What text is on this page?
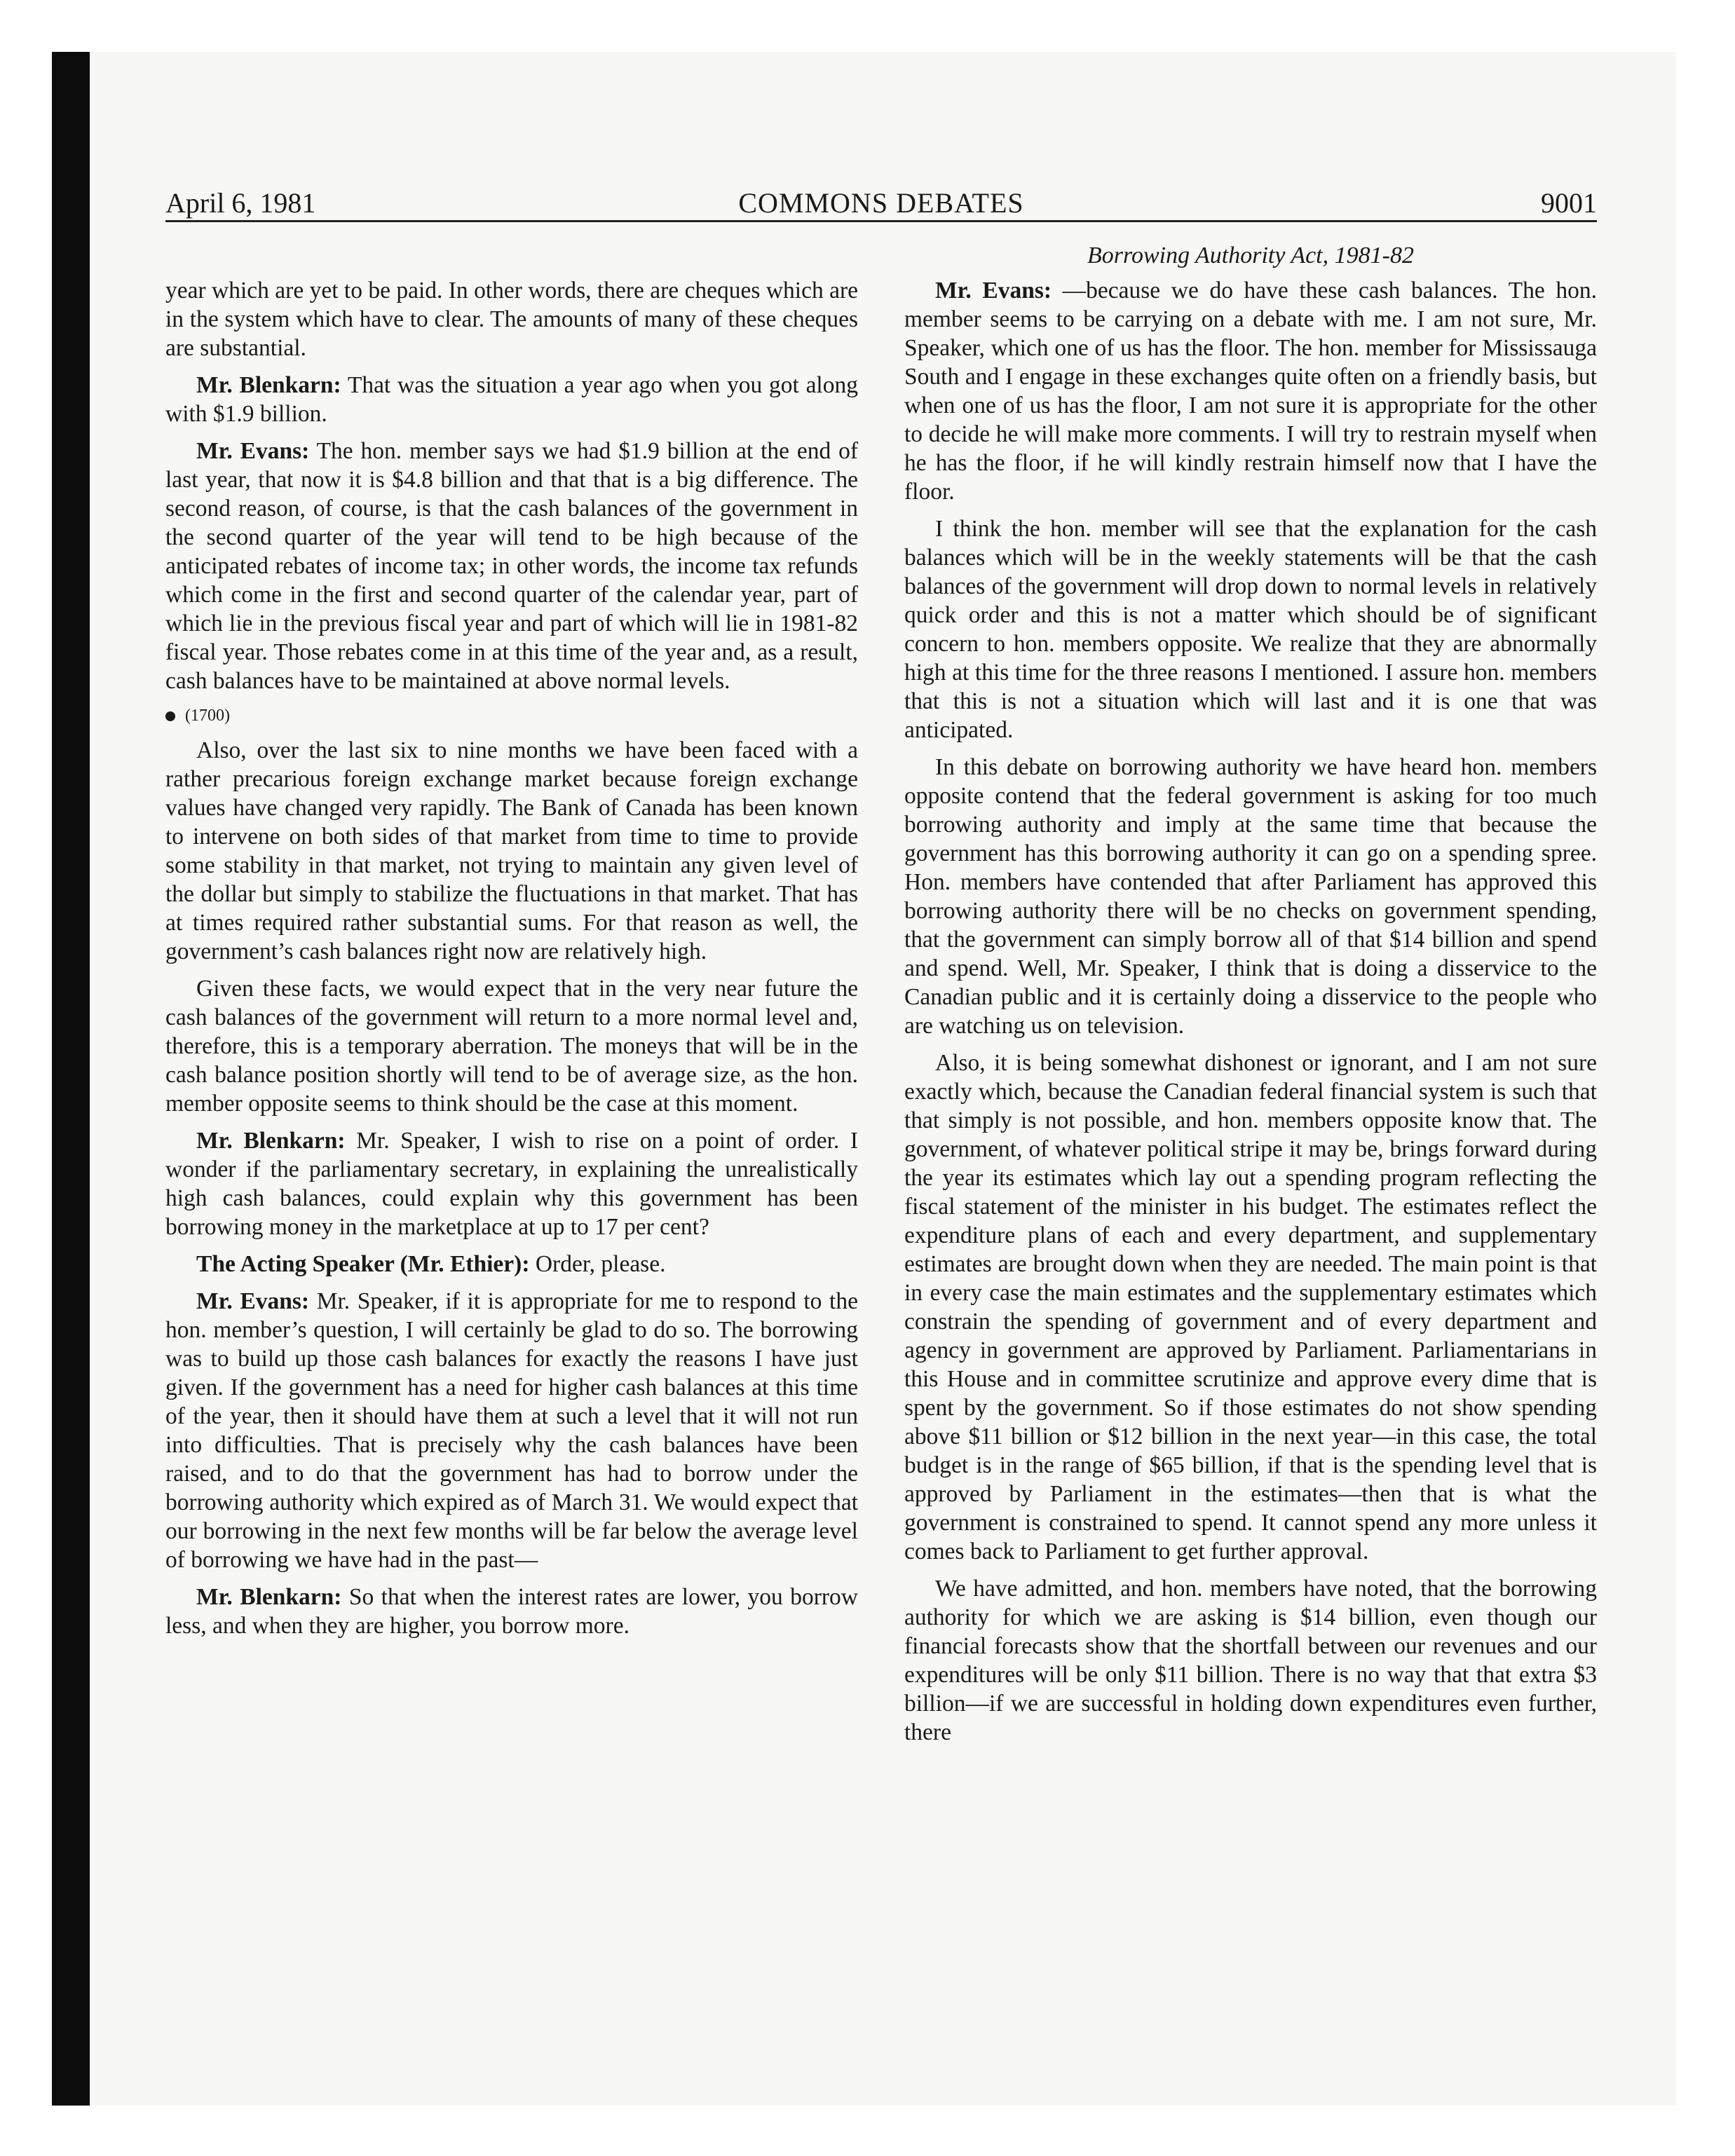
April 6, 1981	COMMONS DEBATES	9001
Borrowing Authority Act, 1981-82

year which are yet to be paid. In other words, there are cheques which are in the system which have to clear. The amounts of many of these cheques are substantial.

Mr. Blenkarn: That was the situation a year ago when you got along with $1.9 billion.

Mr. Evans: The hon. member says we had $1.9 billion at the end of last year, that now it is $4.8 billion and that that is a big difference. The second reason, of course, is that the cash balances of the government in the second quarter of the year will tend to be high because of the anticipated rebates of income tax; in other words, the income tax refunds which come in the first and second quarter of the calendar year, part of which lie in the previous fiscal year and part of which will lie in 1981-82 fiscal year. Those rebates come in at this time of the year and, as a result, cash balances have to be maintained at above normal levels.

(1700)

Also, over the last six to nine months we have been faced with a rather precarious foreign exchange market because foreign exchange values have changed very rapidly. The Bank of Canada has been known to intervene on both sides of that market from time to time to provide some stability in that market, not trying to maintain any given level of the dollar but simply to stabilize the fluctuations in that market. That has at times required rather substantial sums. For that reason as well, the government’s cash balances right now are relatively high.

Given these facts, we would expect that in the very near future the cash balances of the government will return to a more normal level and, therefore, this is a temporary aberration. The moneys that will be in the cash balance position shortly will tend to be of average size, as the hon. member opposite seems to think should be the case at this moment.

Mr. Blenkarn: Mr. Speaker, I wish to rise on a point of order. I wonder if the parliamentary secretary, in explaining the unrealistically high cash balances, could explain why this government has been borrowing money in the marketplace at up to 17 per cent?

The Acting Speaker (Mr. Ethier): Order, please.

Mr. Evans: Mr. Speaker, if it is appropriate for me to respond to the hon. member’s question, I will certainly be glad to do so. The borrowing was to build up those cash balances for exactly the reasons I have just given. If the government has a need for higher cash balances at this time of the year, then it should have them at such a level that it will not run into difficulties. That is precisely why the cash balances have been raised, and to do that the government has had to borrow under the borrowing authority which expired as of March 31. We would expect that our borrowing in the next few months will be far below the average level of borrowing we have had in the past—

Mr. Blenkarn: So that when the interest rates are lower, you borrow less, and when they are higher, you borrow more.

Mr. Evans: —because we do have these cash balances. The hon. member seems to be carrying on a debate with me. I am not sure, Mr. Speaker, which one of us has the floor. The hon. member for Mississauga South and I engage in these exchanges quite often on a friendly basis, but when one of us has the floor, I am not sure it is appropriate for the other to decide he will make more comments. I will try to restrain myself when he has the floor, if he will kindly restrain himself now that I have the floor.

I think the hon. member will see that the explanation for the cash balances which will be in the weekly statements will be that the cash balances of the government will drop down to normal levels in relatively quick order and this is not a matter which should be of significant concern to hon. members opposite. We realize that they are abnormally high at this time for the three reasons I mentioned. I assure hon. members that this is not a situation which will last and it is one that was anticipated.

In this debate on borrowing authority we have heard hon. members opposite contend that the federal government is asking for too much borrowing authority and imply at the same time that because the government has this borrowing authority it can go on a spending spree. Hon. members have contended that after Parliament has approved this borrowing authority there will be no checks on government spending, that the government can simply borrow all of that $14 billion and spend and spend. Well, Mr. Speaker, I think that is doing a disservice to the Canadian public and it is certainly doing a disservice to the people who are watching us on television.

Also, it is being somewhat dishonest or ignorant, and I am not sure exactly which, because the Canadian federal financial system is such that that simply is not possible, and hon. members opposite know that. The government, of whatever political stripe it may be, brings forward during the year its estimates which lay out a spending program reflecting the fiscal statement of the minister in his budget. The estimates reflect the expenditure plans of each and every department, and supplementary estimates are brought down when they are needed. The main point is that in every case the main estimates and the supplementary estimates which constrain the spending of government and of every department and agency in government are approved by Parliament. Parliamentarians in this House and in committee scrutinize and approve every dime that is spent by the government. So if those estimates do not show spending above $11 billion or $12 billion in the next year—in this case, the total budget is in the range of $65 billion, if that is the spending level that is approved by Parliament in the estimates—then that is what the government is constrained to spend. It cannot spend any more unless it comes back to Parliament to get further approval.

We have admitted, and hon. members have noted, that the borrowing authority for which we are asking is $14 billion, even though our financial forecasts show that the shortfall between our revenues and our expenditures will be only $11 billion. There is no way that that extra $3 billion—if we are successful in holding down expenditures even further, there
